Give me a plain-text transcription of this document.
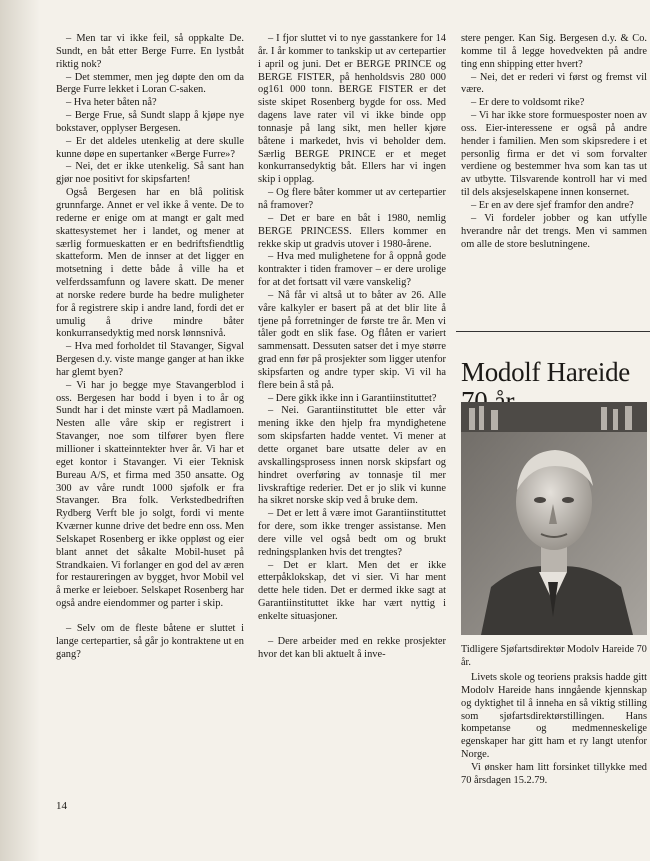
– Men tar vi ikke feil, så oppkalte De. Sundt, en båt etter Berge Furre. En lystbåt riktig nok?

– Det stemmer, men jeg døpte den om da Berge Furre lekket i Loran C-saken.

– Hva heter båten nå?

– Berge Frue, så Sundt slapp å kjøpe nye bokstaver, opplyser Bergesen.

– Er det aldeles utenkelig at dere skulle kunne døpe en supertanker «Berge Furre»?

– Nei, det er ikke utenkelig. Så sant han gjør noe positivt for skipsfarten!

Også Bergesen har en blå politisk grunnfarge. Annet er vel ikke å vente. De to rederne er enige om at mangt er galt med skattesystemet her i landet, og mener at særlig formueskatten er en bedriftsfiendtlig skatteform. Men de innser at det ligger en motsetning i dette både å ville ha et velferdssamfunn og lavere skatt. De mener at norske redere burde ha bedre muligheter for å registrere skip i andre land, fordi det er umulig å drive mindre båter konkurransedyktig med norsk lønnsnivå.

– Hva med forholdet til Stavanger, Sigval Bergesen d.y. viste mange ganger at han ikke har glemt byen?

– Vi har jo begge mye Stavangerblod i oss. Bergesen har bodd i byen i to år og Sundt har i det minste vært på Madlamoen. Nesten alle våre skip er registrert i Stavanger, noe som tilfører byen flere millioner i skatteinntekter hver år. Vi har et eget kontor i Stavanger. Vi eier Teknisk Bureau A/S, et firma med 350 ansatte. Og 300 av våre rundt 1000 sjøfolk er fra Stavanger. Bra folk. Verkstedbedriften Rydberg Verft ble jo solgt, fordi vi mente Kværner kunne drive det bedre enn oss. Men Selskapet Rosenberg er ikke oppløst og eier blant annet det såkalte Mobil-huset på Strandkaien. Vi forlanger en god del av æren for restaureringen av bygget, hvor Mobil vel å merke er leieboer. Selskapet Rosenberg har også andre eiendommer og parter i skip.

– Selv om de fleste båtene er sluttet i lange certepartier, så går jo kontraktene ut en gang?

– I fjor sluttet vi to nye gasstankere for 14 år. I år kommer to tankskip ut av certepartier i april og juni. Det er BERGE PRINCE og BERGE FISTER, på henholdsvis 280 000 og161 000 tonn. BERGE FISTER er det siste skipet Rosenberg bygde for oss. Med dagens lave rater vil vi ikke binde opp tonnasje på lang sikt, men heller kjøre båtene i markedet, hvis vi beholder dem. Særlig BERGE PRINCE er et meget konkurransedyktig båt. Ellers har vi ingen skip i opplag.

– Og flere båter kommer ut av certepartier nå framover?

– Det er bare en båt i 1980, nemlig BERGE PRINCESS. Ellers kommer en rekke skip ut gradvis utover i 1980-årene.

– Hva med mulighetene for å oppnå gode kontrakter i tiden framover – er dere urolige for at det fortsatt vil være vanskelig?

– Nå får vi altså ut to båter av 26. Alle våre kalkyler er basert på at det blir lite å tjene på forretninger de første tre år. Men vi tåler godt en slik fase. Og flåten er variert sammensatt. Dessuten satser det i mye større grad enn før på prosjekter som ligger utenfor skipsfarten og andre typer skip. Vi vil ha flere bein å stå på.

– Dere gikk ikke inn i Garantiinstituttet?

– Nei. Garantiinstituttet ble etter vår mening ikke den hjelp fra myndighetene som skipsfarten hadde ventet. Vi mener at dette organet bare utsatte deler av en avskallingsprosess innen norsk skipsfart og hindret overføring av tonnasje til mer livskraftige rederier. Det er jo slik vi kunne ha sikret norske skip ved å bruke dem.

– Det er lett å være imot Garantiinstituttet for dere, som ikke trenger assistanse. Men dere ville vel også bedt om og brukt redningsplanken hvis det trengtes?

– Det er klart. Men det er ikke etterpåklokskap, det vi sier. Vi har ment dette hele tiden. Det er dermed ikke sagt at Garantiinstituttet ikke har vært nyttig i enkelte situasjoner.

– Dere arbeider med en rekke prosjekter hvor det kan bli aktuelt å inve-

stere penger. Kan Sig. Bergesen d.y. & Co. komme til å legge hovedvekten på andre ting enn shipping etter hvert?

– Nei, det er rederi vi først og fremst vil være.

– Er dere to voldsomt rike?

– Vi har ikke store formuesposter noen av oss. Eier-interessene er også på andre hender i familien. Men som skipsredere i et personlig firma er det vi som forvalter verdiene og bestemmer hva som kan tas ut av utbytte. Tilsvarende kontroll har vi med til dels aksjeselskapene innen konsernet.

– Er en av dere sjef framfor den andre?

– Vi fordeler jobber og kan utfylle hverandre når det trengs. Men vi sammen om alle de store beslutningene.

Modolf Hareide
Tidligere Sjøfartsdirektør Modolv Hareide 70 år.

Livets skole og teoriens praksis hadde gitt Modolv Hareide hans inngående kjennskap og dyktighet til å inneha en så viktig stilling som sjøfartsdirektørstillingen. Hans kompetanse og medmenneskelige egenskaper har gitt ham et ry langt utenfor Norge.

Vi ønsker ham litt forsinket tillykke med 70 årsdagen 15.2.79.

14
